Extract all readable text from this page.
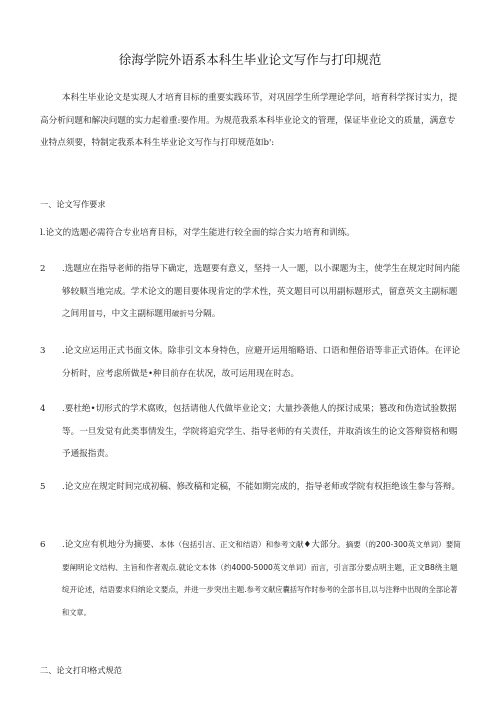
徐海学院外语系本科生毕业论文写作与打印规范
本科生毕业论文是实现人才培育目标的重要实践环节，对巩固学生所学理论学问，培育科学探讨实力，提高分析问题和解决问题的实力起着重:要作用。为规范我系本科毕业论文的管理，保证毕业论文的质量，满意专业特点须要，特制定我系本科生毕业论文写作与打印规范如b':
一、论文写作要求
l.论文的选题必需符合专业培育目标，对学生能进行较全面的综合实力培育和训练。
2 .选题应在指导老师的指导下确定，选题要有意义，坚持一人一题，以小课题为主，使学生在规定时间内能够较顺当地完成。学术论文的题目要体现肯定的学术性，英文题目可以用副标题形式，留意英文主副标题之间用冒号，中文主副标题用破折号分隔。
3 .论文应运用正式书面文体。除非引文本身特色，应避开运用缩略语、口语和俚俗语等非正式语体。在评论分析时，应考虑所做是•种目前存在状况，故可运用现在时态。
4 .要杜绝•切形式的学术腐败，包括请他人代做毕业论文；大量抄袭他人的探讨成果；篡改和伪造试验数据等。一旦发觉有此类事情发生，学院将追究学生、指导老师的有关责任，并取消该生的论文答辩资格和赐予通报指责。
5 .论文应在规定时间完成初稿、修改稿和定稿，不能如期完成的，指导老师或学院有权拒绝该生参与答辩。
6 .论文应有机地分为摘要、本体（包括引言、正文和结语）和参考文献♦大部分。摘要（的200-300英文单词）要简要阐明论文结构、主旨和作者观点.就论文本体（约4000-5000英文单词）而言，引言部分要点明主题，正文B8绕主题绽开论述，结语要求归纳论文要点，并进一步突出主题.参考文献应囊括写作时参考的全部书目,以与注释中出现的全部论著和文章。
二、论文打印格式规范
